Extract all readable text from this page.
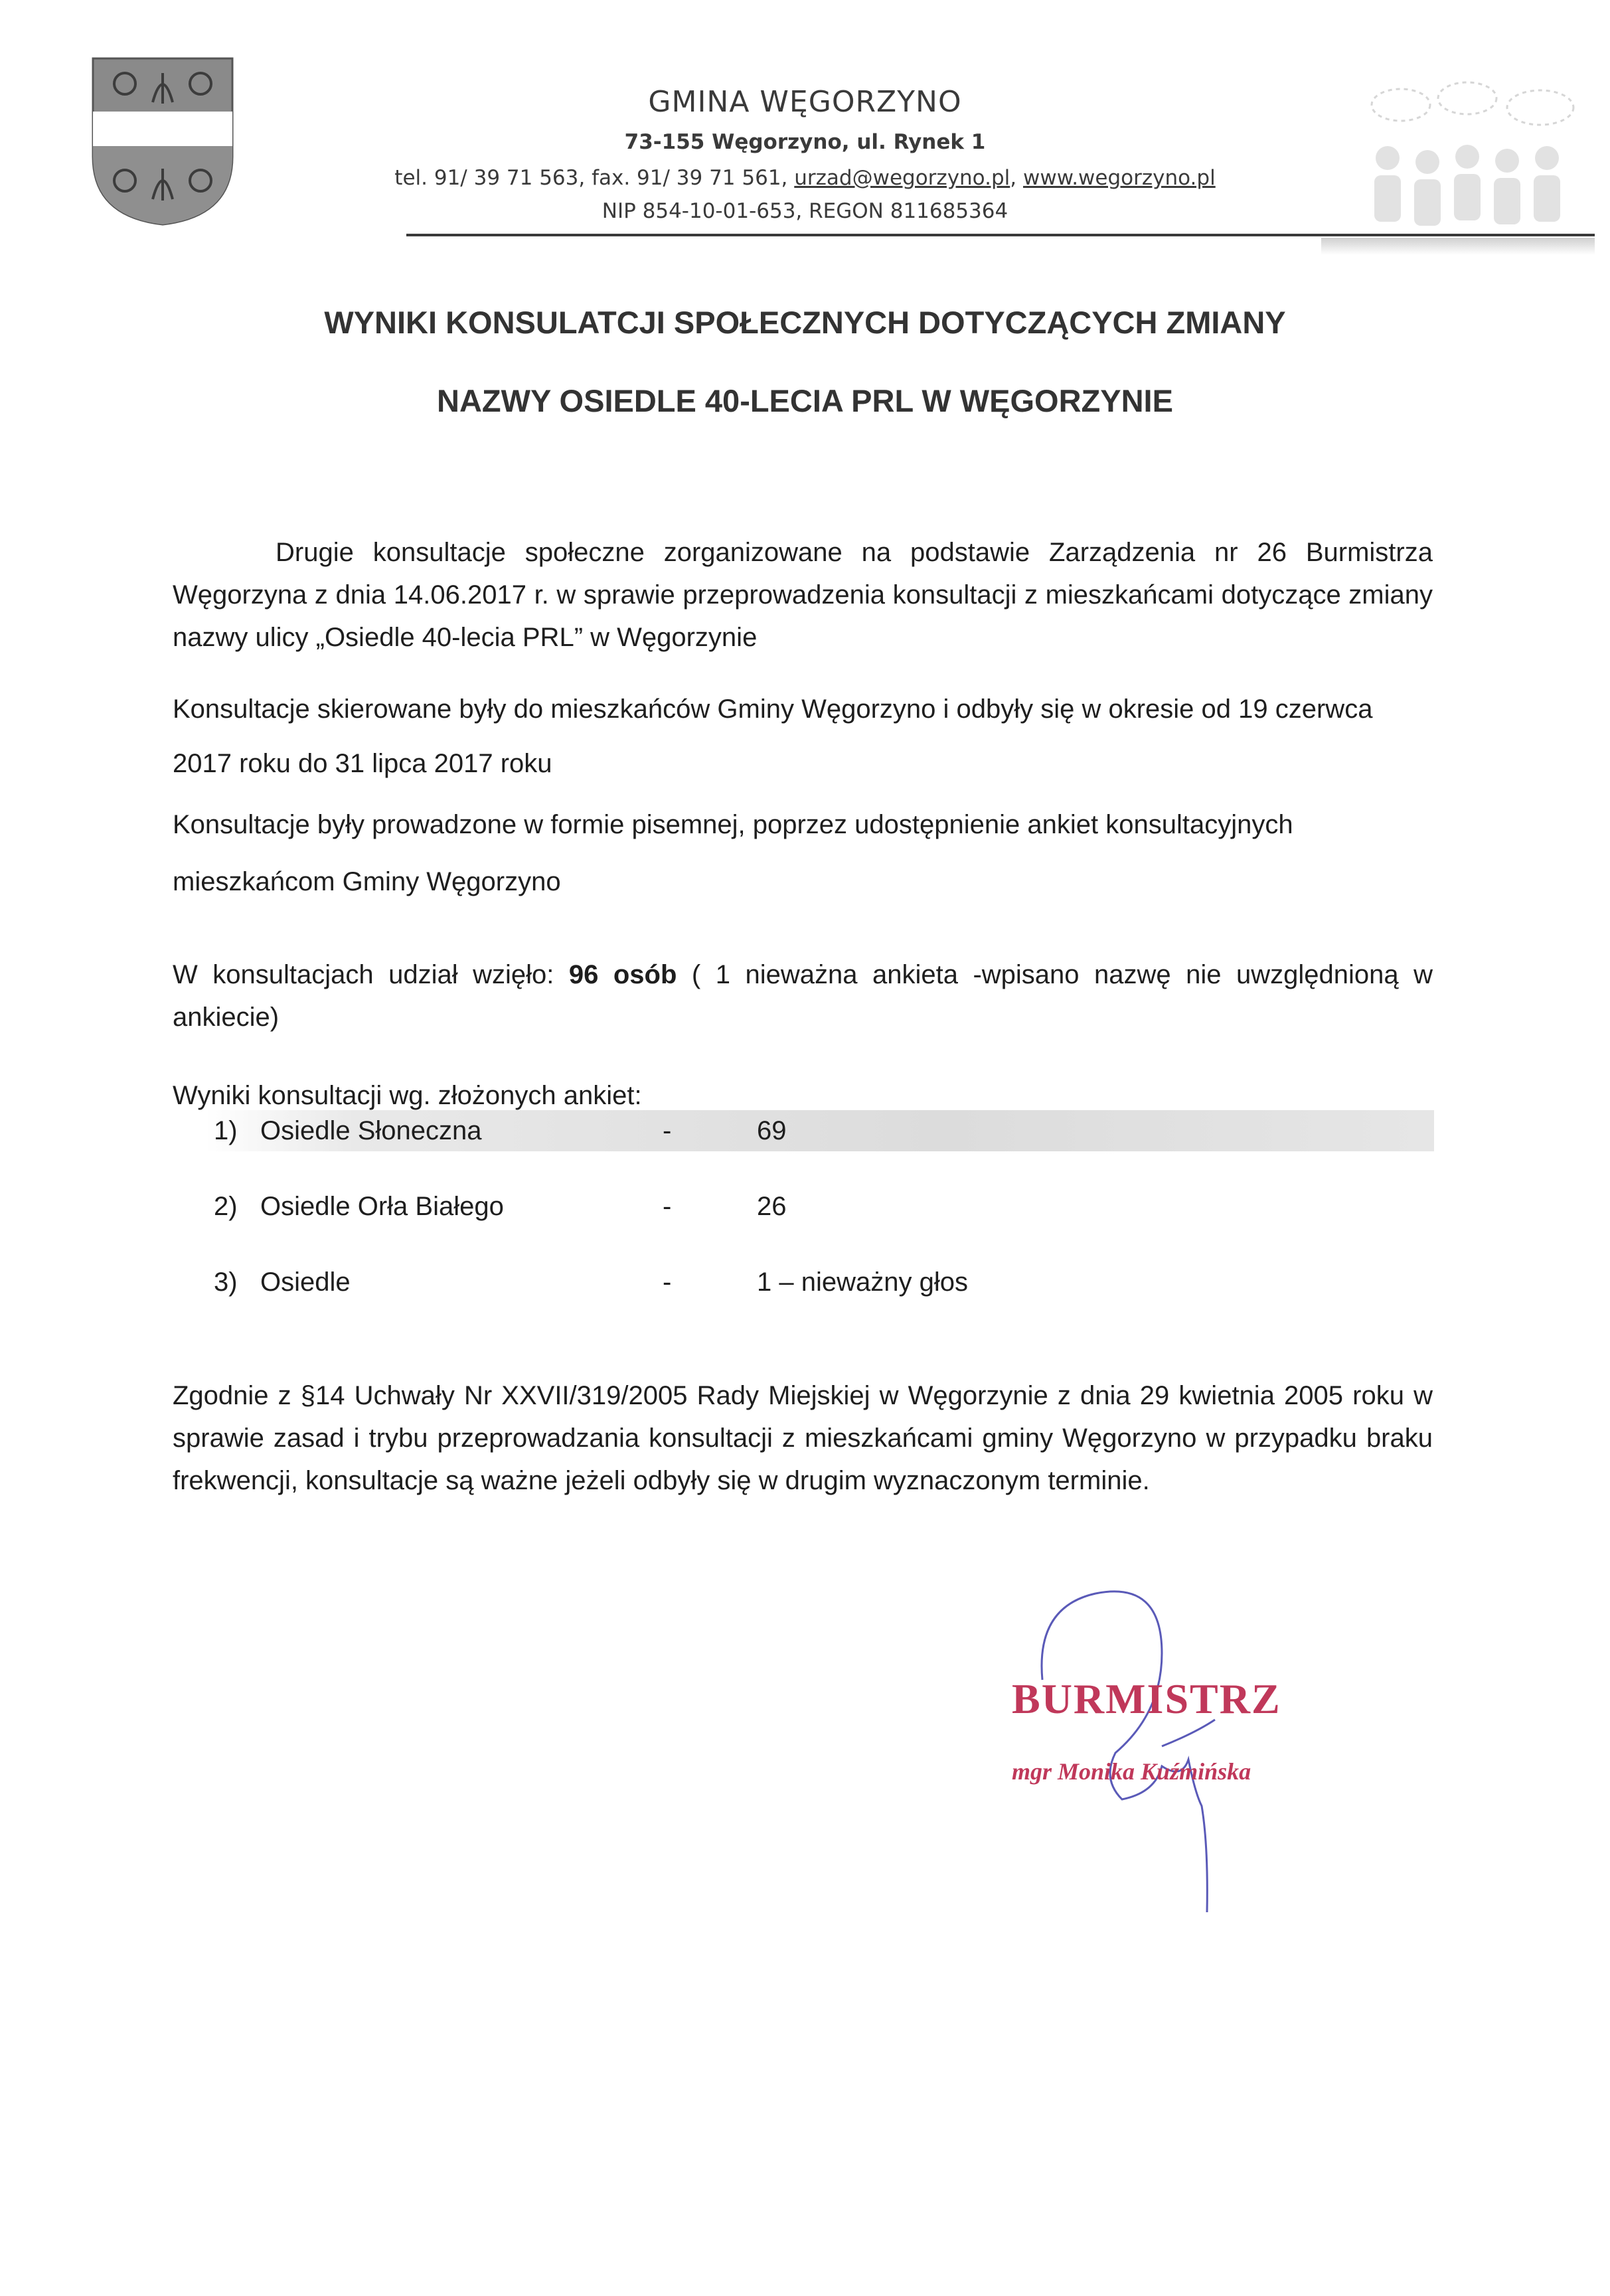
GMINA WĘGORZYNO
73-155 Węgorzyno, ul. Rynek 1
tel. 91/ 39 71 563, fax. 91/ 39 71 561, urzad@wegorzyno.pl, www.wegorzyno.pl
NIP 854-10-01-653, REGON 811685364
WYNIKI KONSULATCJI SPOŁECZNYCH DOTYCZĄCYCH ZMIANY
NAZWY OSIEDLE 40-LECIA PRL W WĘGORZYNIE

Drugie konsultacje społeczne zorganizowane na podstawie Zarządzenia nr 26 Burmistrza Węgorzyna z dnia 14.06.2017 r. w sprawie przeprowadzenia konsultacji z mieszkańcami dotyczące zmiany nazwy ulicy „Osiedle 40-lecia PRL” w Węgorzynie

Konsultacje skierowane były do mieszkańców Gminy Węgorzyno i odbyły się w okresie od 19 czerwca

2017 roku do 31 lipca 2017 roku

Konsultacje były prowadzone w formie pisemnej, poprzez udostępnienie ankiet konsultacyjnych

mieszkańcom Gminy Węgorzyno

W konsultacjach udział wzięło: 96 osób ( 1 nieważna ankieta -wpisano nazwę nie uwzględnioną w ankiecie)

Wyniki konsultacji wg. złożonych ankiet:

1) Osiedle Słoneczna	-	69
2) Osiedle Orła Białego	-	26
3) Osiedle	-	1 – nieważny głos

Zgodnie z §14 Uchwały Nr XXVII/319/2005 Rady Miejskiej w Węgorzynie z dnia 29 kwietnia 2005 roku w sprawie zasad i trybu przeprowadzania konsultacji z mieszkańcami gminy Węgorzyno w przypadku braku frekwencji, konsultacje są ważne jeżeli odbyły się w drugim wyznaczonym terminie.

BURMISTRZ
mgr Monika Kuźmińska
